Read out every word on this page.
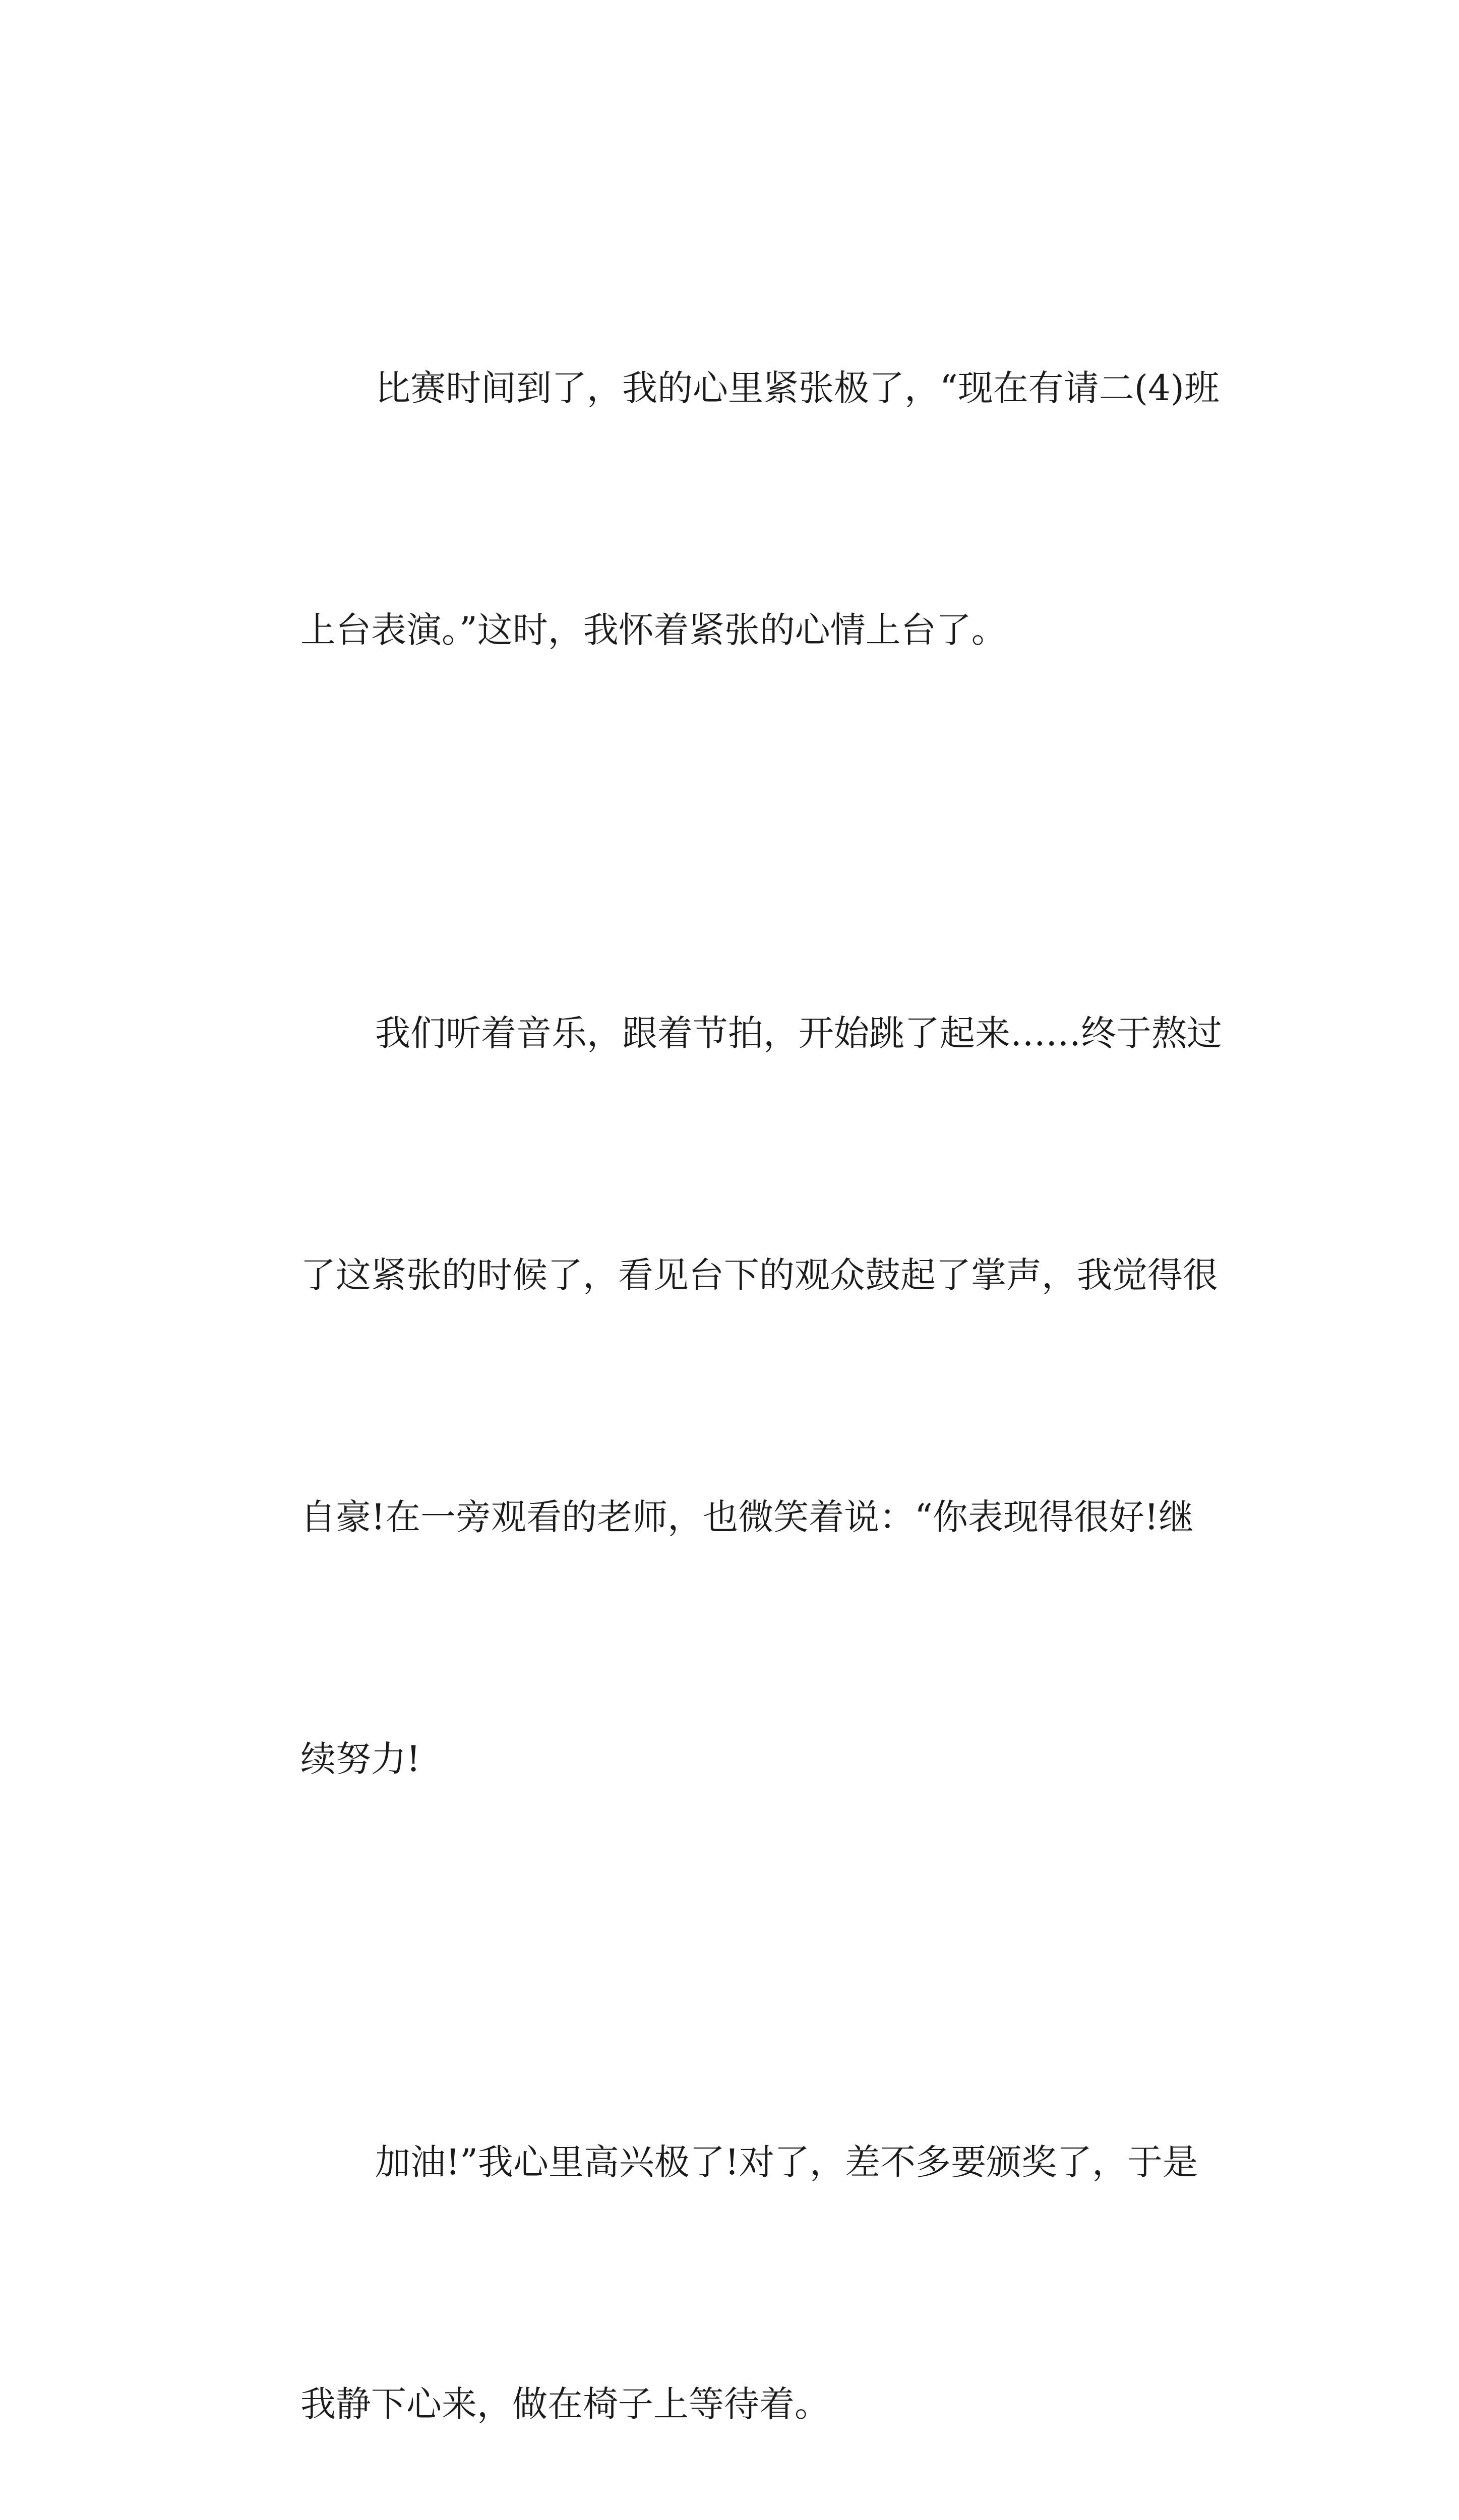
比赛时间到了，我的心里紧张极了，“现在有请二(4)班

上台表演。”这时，我怀着紧张的心情上台了。

我们听着音乐，跟着节拍，开始跳了起来……终于熬过

了这紧张的时候了，看见台下的观众鼓起了掌声，我觉得很

自豪!在一旁观看的老师，也微笑着说：“你表现得很好!继

续努力!

加油!”我心里高兴极了!对了，差不多要颁奖了，于是

我静下心来，做在椅子上等待着。
